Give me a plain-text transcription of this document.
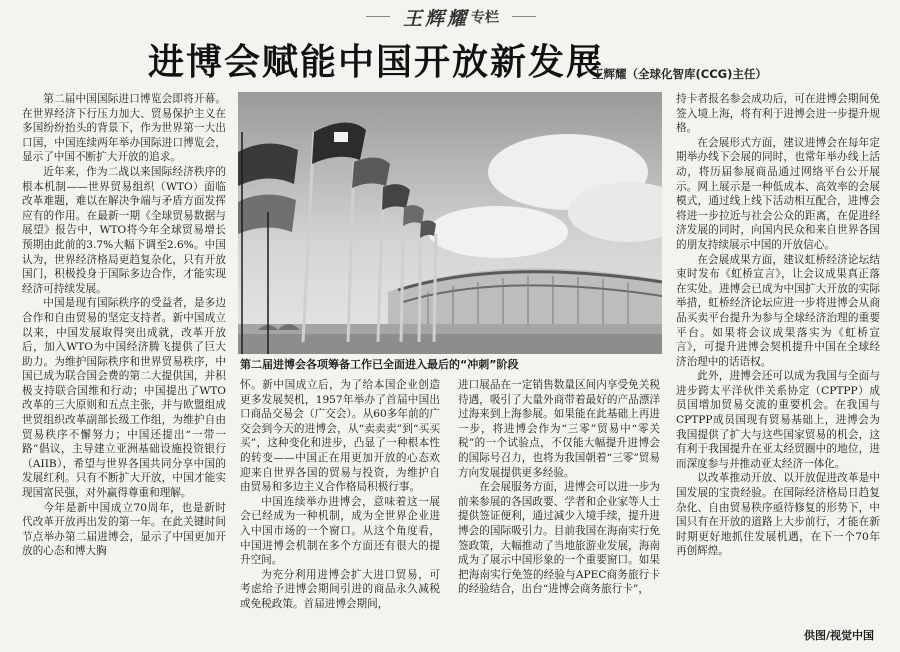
王辉耀 专栏
进博会赋能中国开放新发展
王辉耀（全球化智库(CCG)主任）

第二届中国国际进口博览会即将开幕。在世界经济下行压力加大、贸易保护主义在多国纷纷抬头的背景下，作为世界第一大出口国，中国连续两年举办国际进口博览会，显示了中国不断扩大开放的追求。

近年来，作为二战以来国际经济秩序的根本机制——世界贸易组织（WTO）面临改革难题，难以在解决争端与矛盾方面发挥应有的作用。在最新一期《全球贸易数据与展望》报告中，WTO将今年全球贸易增长预期由此前的3.7%大幅下调至2.6%。中国认为，世界经济格局更趋复杂化，只有开放国门，积极投身于国际多边合作，才能实现经济可持续发展。

中国是现有国际秩序的受益者，是多边合作和自由贸易的坚定支持者。新中国成立以来，中国发展取得突出成就，改革开放后，加入WTO为中国经济腾飞提供了巨大助力。为维护国际秩序和世界贸易秩序，中国已成为联合国会费的第二大提供国，并积极支持联合国维和行动；中国提出了WTO改革的三大原则和五点主张，并与欧盟组成世贸组织改革副部长级工作组，为维护自由贸易秩序不懈努力；中国还提出“一带一路”倡议，主导建立亚洲基础设施投资银行（AIIB），希望与世界各国共同分享中国的发展红利。只有不断扩大开放，中国才能实现国富民强，对外赢得尊重和理解。

今年是新中国成立70周年，也是新时代改革开放再出发的第一年。在此关键时间节点举办第二届进博会，显示了中国更加开放的心态和博大胸

第二届进博会各项筹备工作已全面进入最后的“冲刺”阶段

怀。新中国成立后，为了给本国企业创造更多发展契机，1957年举办了首届中国出口商品交易会（广交会）。从60多年前的广交会到今天的进博会，从“卖卖卖”到“买买买”，这种变化和进步，凸显了一种根本性的转变——中国正在用更加开放的心态欢迎来自世界各国的贸易与投资，为维护自由贸易和多边主义合作格局积极行事。

中国连续举办进博会，意味着这一展会已经成为一种机制，成为全世界企业进入中国市场的一个窗口。从这个角度看，中国进博会机制在多个方面还有很大的提升空间。

为充分利用进博会扩大进口贸易，可考虑给予进博会期间引进的商品永久减税或免税政策。首届进博会期间，

进口展品在一定销售数量区间内享受免关税待遇，吸引了大量外商带着最好的产品漂洋过海来到上海参展。如果能在此基础上再进一步，将进博会作为“三零”贸易中“零关税”的一个试验点，不仅能大幅提升进博会的国际号召力，也将为我国朝着“三零”贸易方向发展提供更多经验。

在会展服务方面，进博会可以进一步为前来参展的各国政要、学者和企业家等人士提供签证便利，通过减少入境手续，提升进博会的国际吸引力。目前我国在海南实行免签政策，大幅推动了当地旅游业发展，海南成为了展示中国形象的一个重要窗口。如果把海南实行免签的经验与APEC商务旅行卡的经验结合，出台“进博会商务旅行卡”，

持卡者报名参会成功后，可在进博会期间免签入境上海，将有利于进博会进一步提升规格。

在会展形式方面，建议进博会在每年定期举办线下会展的同时，也常年举办线上活动，将历届参展商品通过网络平台公开展示。网上展示是一种低成本、高效率的会展模式，通过线上线下活动相互配合，进博会将进一步拉近与社会公众的距离，在促进经济发展的同时，向国内民众和来自世界各国的朋友持续展示中国的开放信心。

在会展成果方面，建议虹桥经济论坛结束时发布《虹桥宣言》，让会议成果真正落在实处。进博会已成为中国扩大开放的实际举措，虹桥经济论坛应进一步将进博会从商品买卖平台提升为参与全球经济治理的重要平台。如果将会议成果落实为《虹桥宣言》，可提升进博会契机提升中国在全球经济治理中的话语权。

此外，进博会还可以成为我国与全面与进步跨太平洋伙伴关系协定（CPTPP）成员国增加贸易交流的重要机会。在我国与CPTPP成员国现有贸易基础上，进博会为我国提供了扩大与这些国家贸易的机会，这有利于我国提升在亚太经贸圈中的地位，进而深度参与并推动亚太经济一体化。

以改革推动开放、以开放促进改革是中国发展的宝贵经验。在国际经济格局日趋复杂化、自由贸易秩序亟待修复的形势下，中国只有在开放的道路上大步前行，才能在新时期更好地抓住发展机遇，在下一个70年再创辉煌。

供图/视觉中国
